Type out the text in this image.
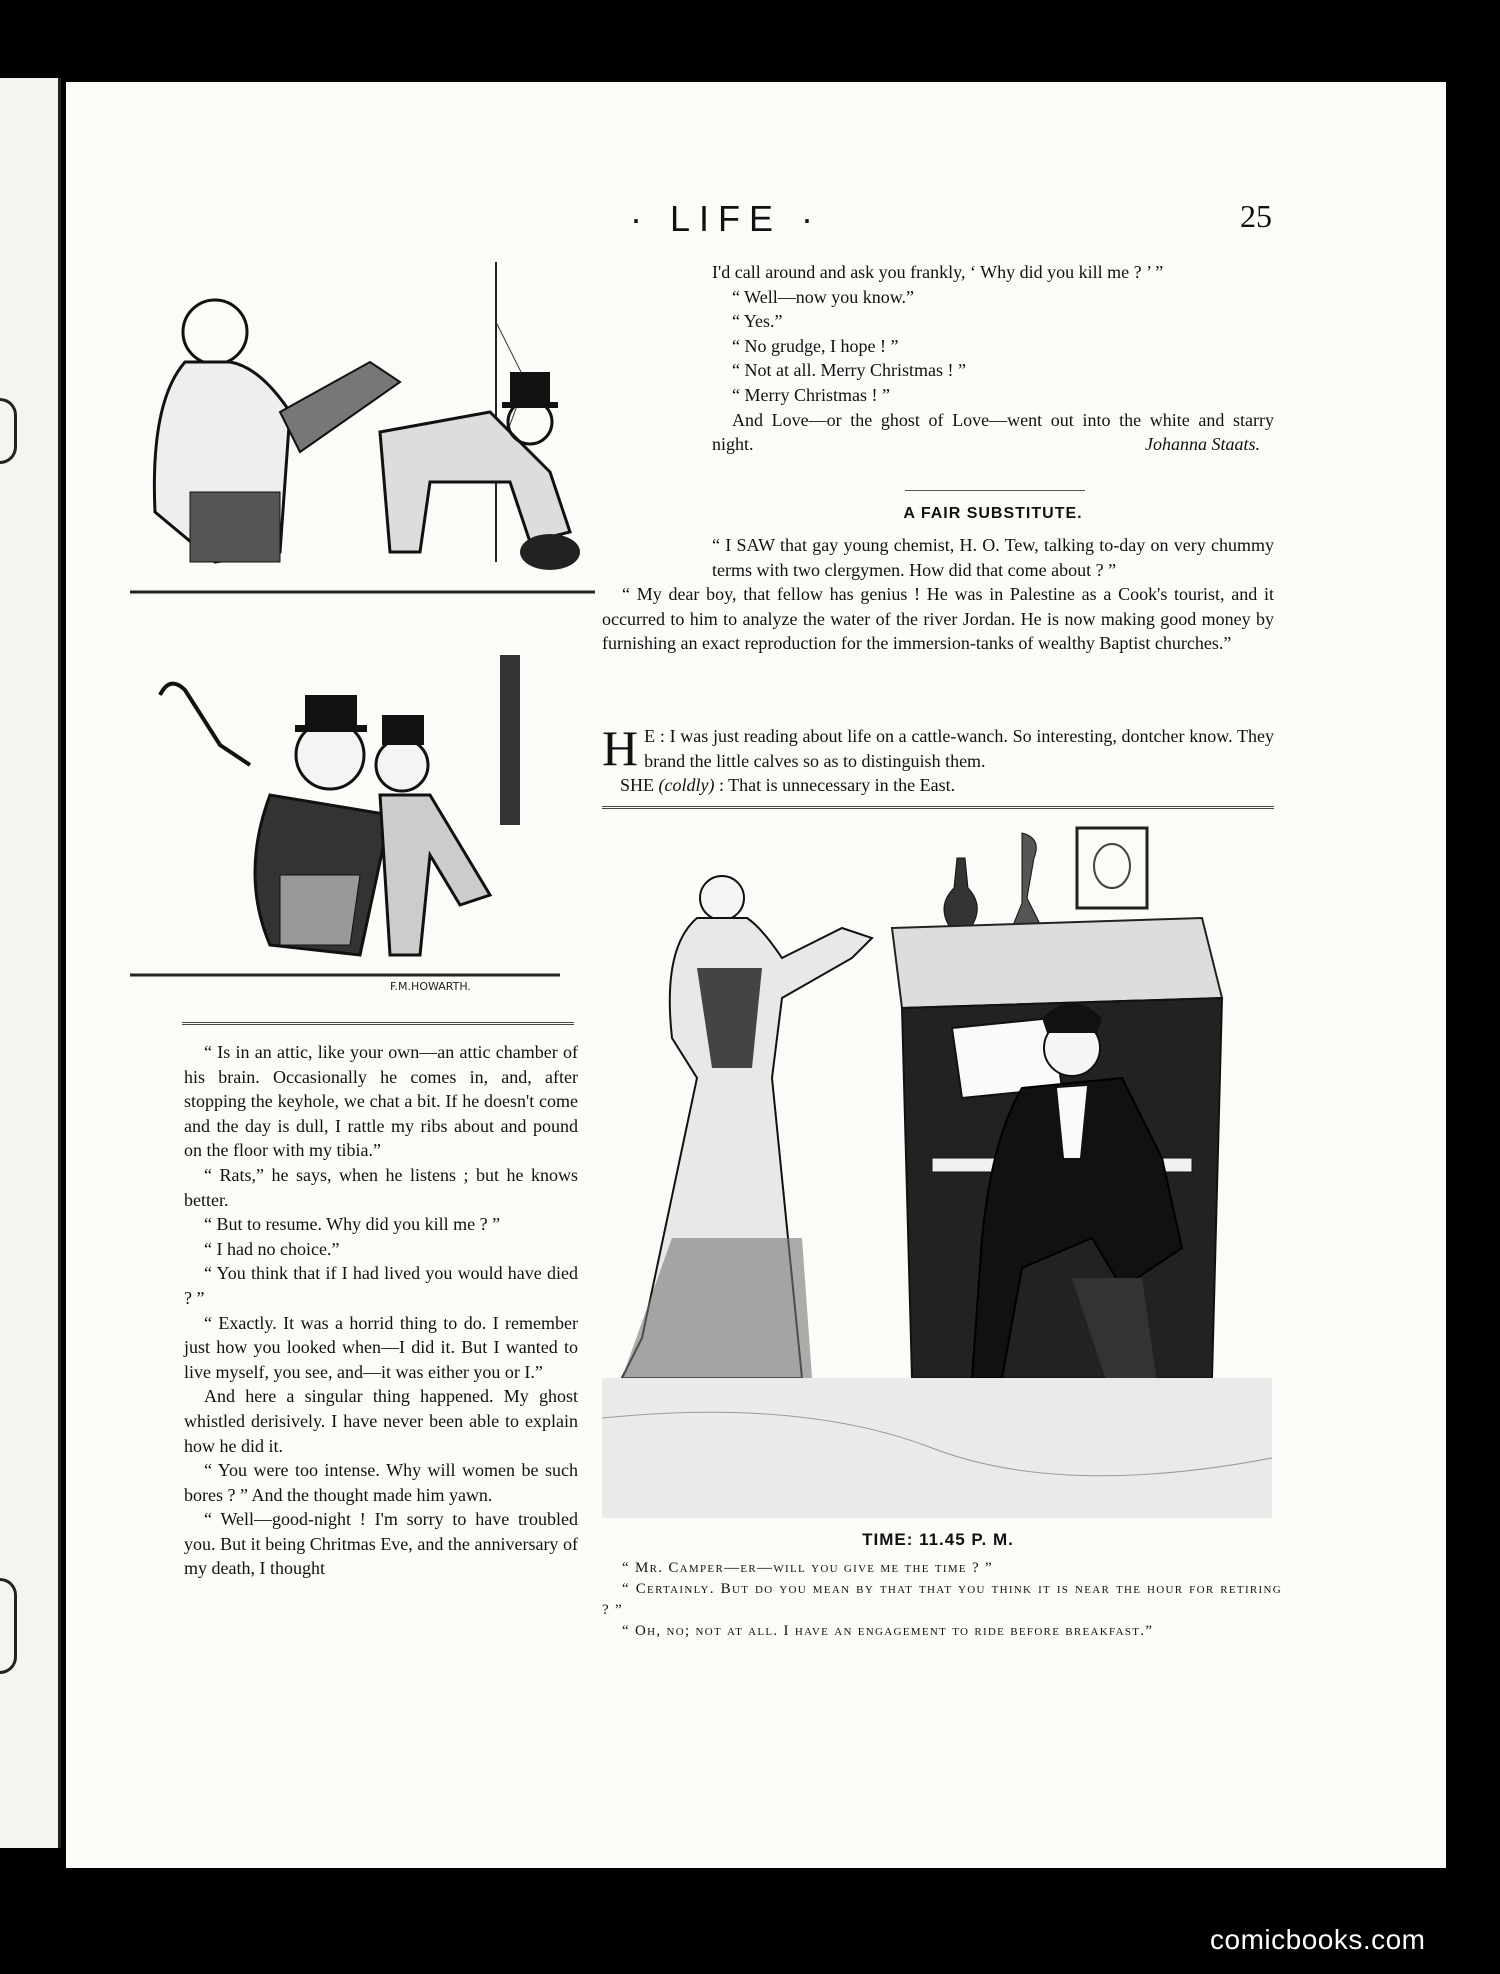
· LIFE ·	25
F.M.HOWARTH.

“ Is in an attic, like your own—an attic chamber of his brain. Occasionally he comes in, and, after stopping the keyhole, we chat a bit. If he doesn't come and the day is dull, I rattle my ribs about and pound on the floor with my tibia.”

“ Rats,” he says, when he listens ; but he knows better.

“ But to resume. Why did you kill me ? ”

“ I had no choice.”

“ You think that if I had lived you would have died ? ”

“ Exactly. It was a horrid thing to do. I remember just how you looked when—I did it. But I wanted to live myself, you see, and—it was either you or I.”

And here a singular thing happened. My ghost whistled derisively. I have never been able to explain how he did it.

“ You were too intense. Why will women be such bores ? ” And the thought made him yawn.

“ Well—good-night ! I'm sorry to have troubled you. But it being Chritmas Eve, and the anniversary of my death, I thought

I'd call around and ask you frankly, ‘ Why did you kill me ? ’ ”

“ Well—now you know.”

“ Yes.”

“ No grudge, I hope ! ”

“ Not at all. Merry Christmas ! ”

“ Merry Christmas ! ”

And Love—or the ghost of Love—went out into the white and starry night.	Johanna Staats.

A FAIR SUBSTITUTE.

“ I SAW that gay young chemist, H. O. Tew, talking to-day on very chummy terms with two clergymen. How did that come about ? ”

“ My dear boy, that fellow has genius ! He was in Palestine as a Cook's tourist, and it occurred to him to analyze the water of the river Jordan. He is now making good money by furnishing an exact reproduction for the immersion-tanks of wealthy Baptist churches.”

H E : I was just reading about life on a cattle-wanch. So interesting, dontcher know. They brand the little calves so as to distinguish them.

SHE (coldly) : That is unnecessary in the East.

TIME: 11.45 P. M.

“ Mr. Camper—er—will you give me the time ? ”

“ Certainly. But do you mean by that that you think it is near the hour for retiring ? ”

“ Oh, no; not at all. I have an engagement to ride before breakfast.”

comicbooks.com
